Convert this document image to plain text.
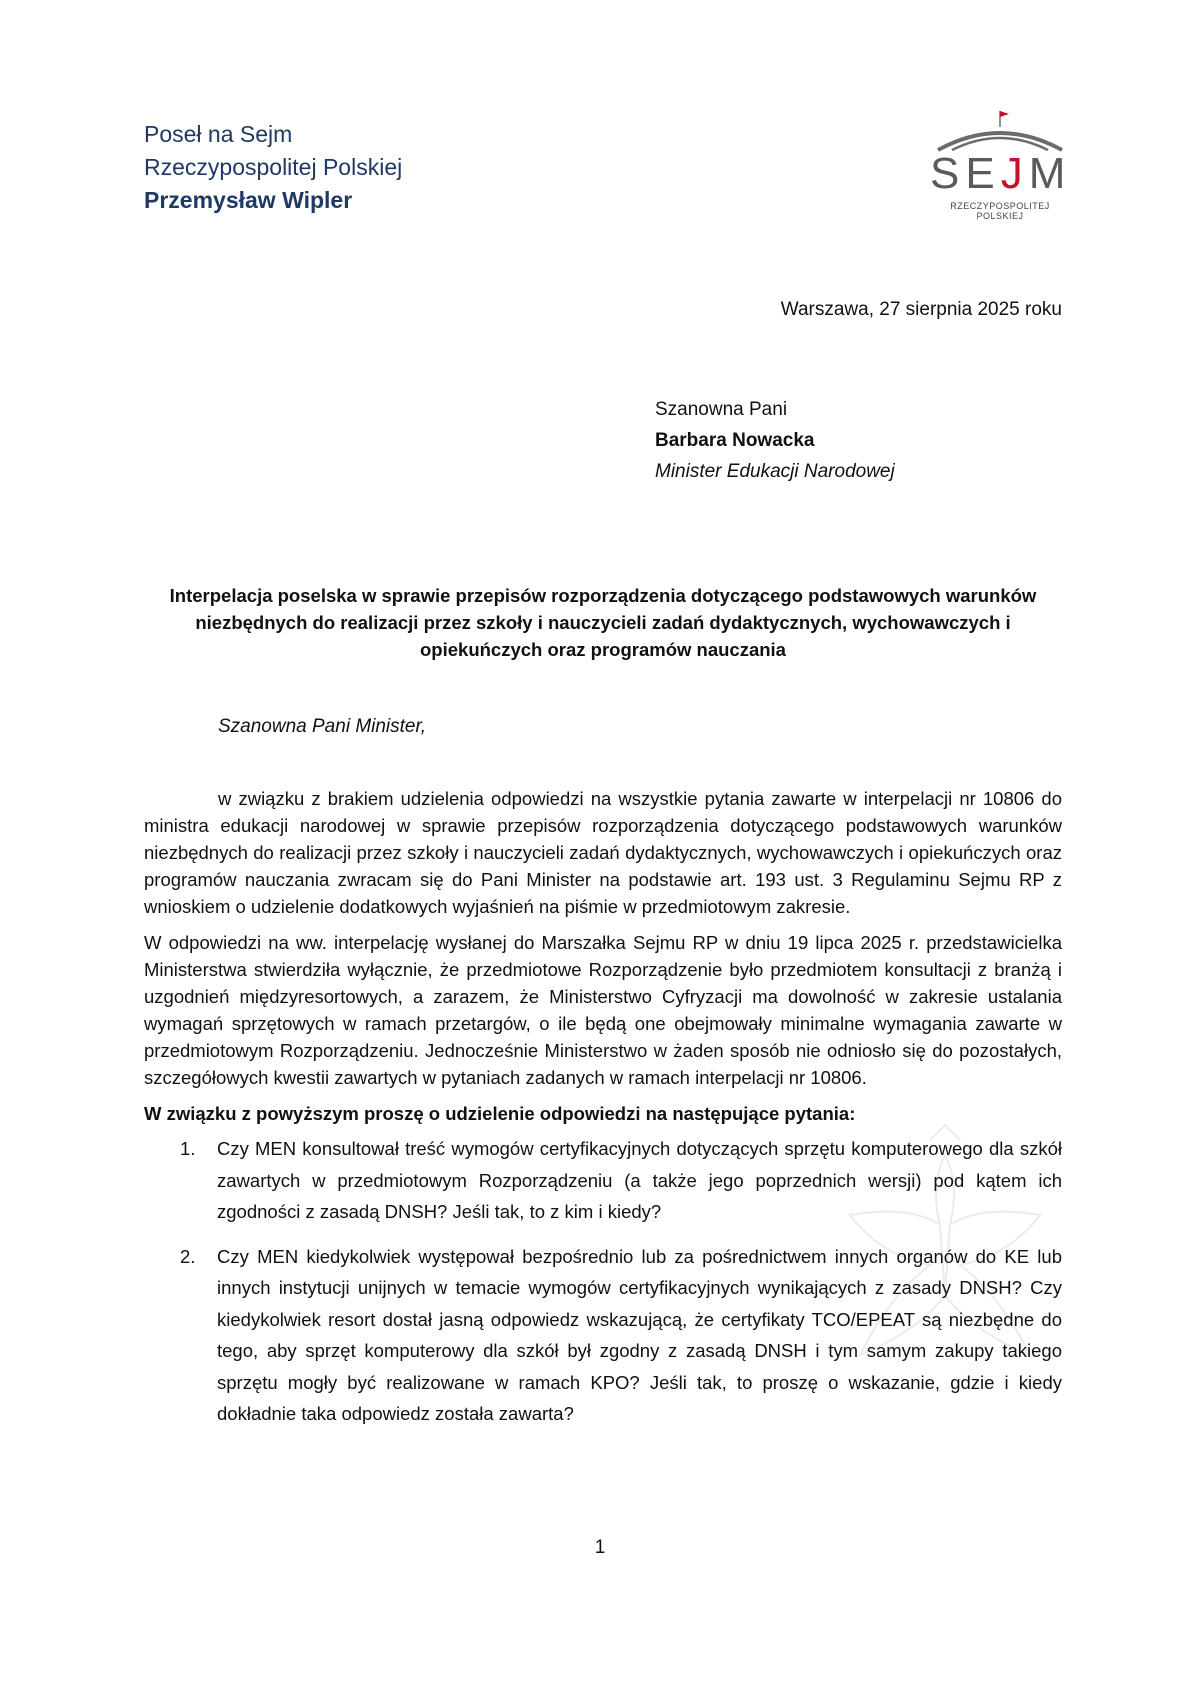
Poseł na Sejm
Rzeczypospolitej Polskiej
Przemysław Wipler
SEJM
RZECZYPOSPOLITEJ POLSKIEJ
Warszawa, 27 sierpnia 2025 roku
Szanowna Pani
Barbara Nowacka
Minister Edukacji Narodowej
Interpelacja poselska w sprawie przepisów rozporządzenia dotyczącego podstawowych warunków niezbędnych do realizacji przez szkoły i nauczycieli zadań dydaktycznych, wychowawczych i opiekuńczych oraz programów nauczania
Szanowna Pani Minister,

w związku z brakiem udzielenia odpowiedzi na wszystkie pytania zawarte w interpelacji nr 10806 do ministra edukacji narodowej w sprawie przepisów rozporządzenia dotyczącego podstawowych warunków niezbędnych do realizacji przez szkoły i nauczycieli zadań dydaktycznych, wychowawczych i opiekuńczych oraz programów nauczania zwracam się do Pani Minister na podstawie art. 193 ust. 3 Regulaminu Sejmu RP z wnioskiem o udzielenie dodatkowych wyjaśnień na piśmie w przedmiotowym zakresie.

W odpowiedzi na ww. interpelację wysłanej do Marszałka Sejmu RP w dniu 19 lipca 2025 r. przedstawicielka Ministerstwa stwierdziła wyłącznie, że przedmiotowe Rozporządzenie było przedmiotem konsultacji z branżą i uzgodnień międzyresortowych, a zarazem, że Ministerstwo Cyfryzacji ma dowolność w zakresie ustalania wymagań sprzętowych w ramach przetargów, o ile będą one obejmowały minimalne wymagania zawarte w przedmiotowym Rozporządzeniu. Jednocześnie Ministerstwo w żaden sposób nie odniosło się do pozostałych, szczegółowych kwestii zawartych w pytaniach zadanych w ramach interpelacji nr 10806.

W związku z powyższym proszę o udzielenie odpowiedzi na następujące pytania:

1. Czy MEN konsultował treść wymogów certyfikacyjnych dotyczących sprzętu komputerowego dla szkół zawartych w przedmiotowym Rozporządzeniu (a także jego poprzednich wersji) pod kątem ich zgodności z zasadą DNSH? Jeśli tak, to z kim i kiedy?
2. Czy MEN kiedykolwiek występował bezpośrednio lub za pośrednictwem innych organów do KE lub innych instytucji unijnych w temacie wymogów certyfikacyjnych wynikających z zasady DNSH? Czy kiedykolwiek resort dostał jasną odpowiedz wskazującą, że certyfikaty TCO/EPEAT są niezbędne do tego, aby sprzęt komputerowy dla szkół był zgodny z zasadą DNSH i tym samym zakupy takiego sprzętu mogły być realizowane w ramach KPO? Jeśli tak, to proszę o wskazanie, gdzie i kiedy dokładnie taka odpowiedz została zawarta?
1
